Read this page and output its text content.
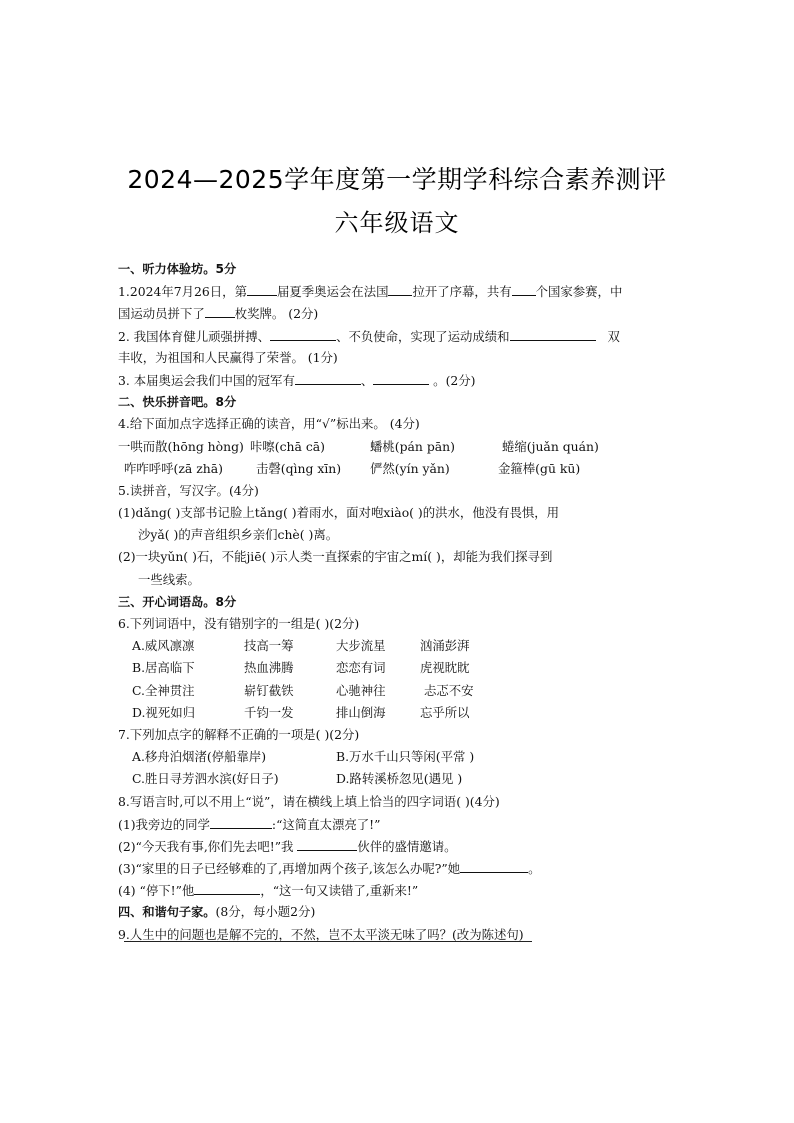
2024—2025学年度第一学期学科综合素养测评
六年级语文
一、听力体验坊。5分
1.2024年7月26日，第 届夏季奥运会在法国 拉开了序幕，共有 个国家参赛，中
国运动员拼下了 枚奖牌。 (2分)
2. 我国体育健儿顽强拼搏、	、不负使命，实现了运动成绩和	双
丰收，为祖国和人民赢得了荣誉。 (1分)
3. 本届奥运会我们中国的冠军有	、	。(2分)
二、快乐拼音吧。8分
4.给下面加点字选择正确的读音，用“√”标出来。 (4分)
一哄而散(hōng hòng) 咔嚓(chā cā)	蟠桃(pán pān)	蜷缩(juǎn quán)
咋咋呼呼(zā zhā)	击磬(qìng xīn)	俨然(yín yǎn)	金箍棒(gū kū)
5.读拼音，写汉字。(4分)
(1)dǎng( )支部书记脸上tǎng( )着雨水，面对咆xiào( )的洪水，他没有畏惧，用
沙yǎ( )的声音组织乡亲们chè( )离。
(2)一块yǔn( )石，不能jiē( )示人类一直探索的宇宙之mí( )，却能为我们探寻到
一些线索。
三、开心词语岛。8分
6.下列词语中，没有错别字的一组是( )(2分)
A.威风凛凛	技高一筹	大步流星	汹涌彭湃
B.居高临下	热血沸腾	恋恋有词	虎视眈眈
C.全神贯注	崭钉截铁	心驰神往	忐忑不安
D.视死如归	千钧一发	排山倒海	忘乎所以
7.下列加点字的解释不正确的一项是( )(2分)
A.移舟泊烟渚(停船靠岸)	B.万水千山只等闲(平常 )
C.胜日寻芳泗水滨(好日子)	D.路转溪桥忽见(遇见 )
8.写语言时,可以不用上“说”，请在横线上填上恰当的四字词语( )(4分)
(1)我旁边的同学	:“这简直太漂亮了!”
(2)“今天我有事,你们先去吧!”我	伙伴的盛情邀请。
(3)“家里的日子已经够难的了,再增加两个孩子,该怎么办呢?”她	。
(4) “停下!”他	，“这一句又读错了,重新来!”
四、和谐句子家。(8分，每小题2分)
9.人生中的问题也是解不完的，不然，岂不太平淡无味了吗？(改为陈述句)
